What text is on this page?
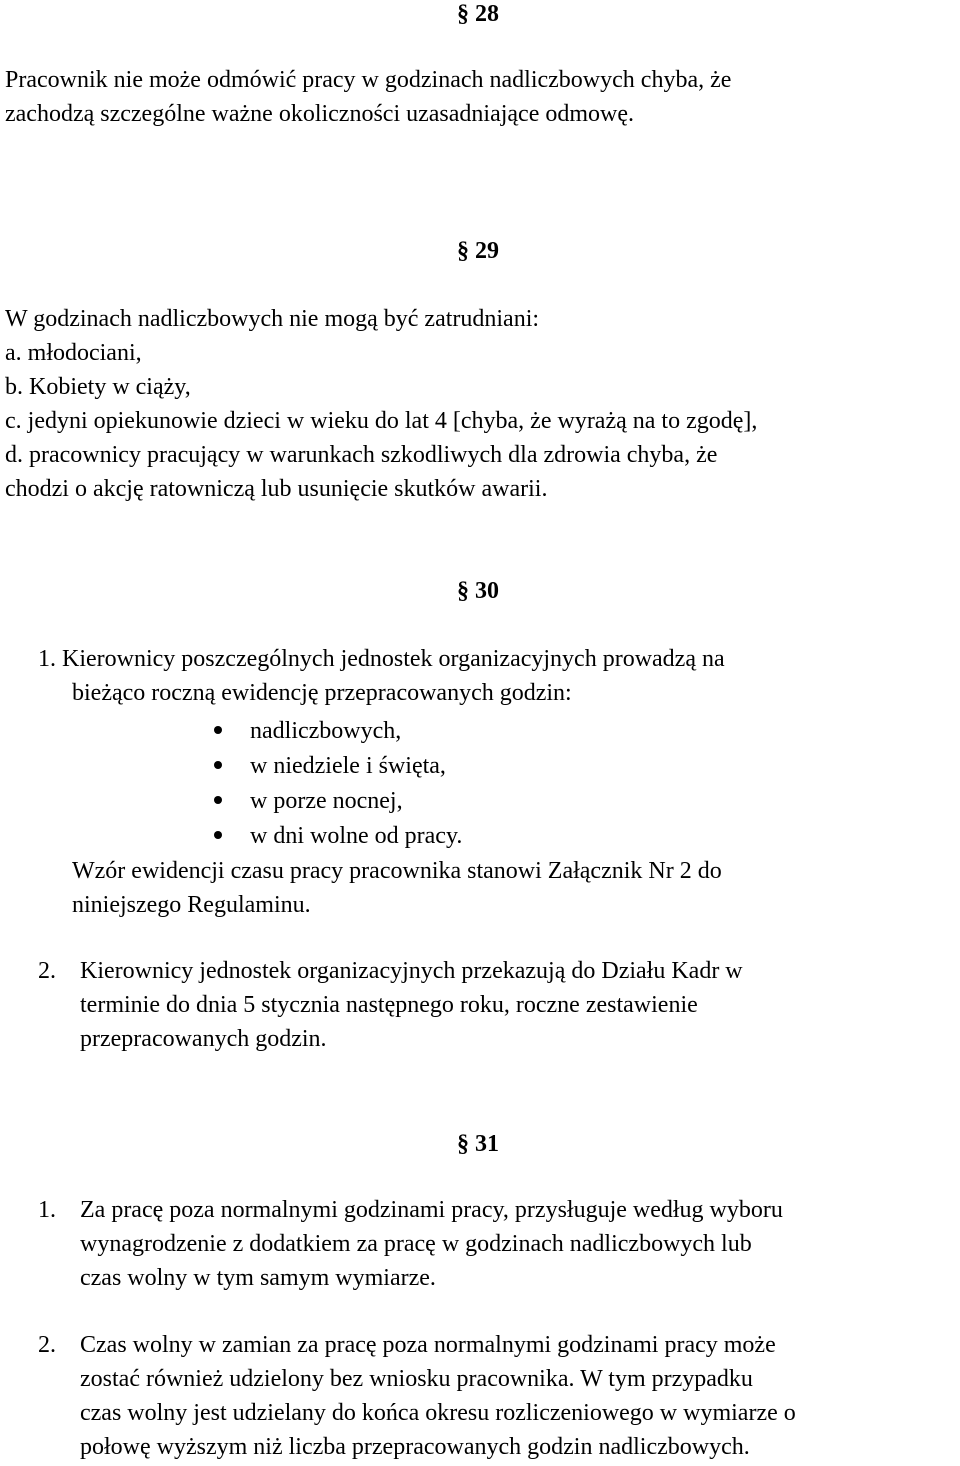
§ 28
Pracownik nie może odmówić pracy w godzinach nadliczbowych chyba, że
zachodzą szczególne ważne okoliczności uzasadniające odmowę.
§ 29
W godzinach nadliczbowych nie mogą być zatrudniani:
a. młodociani,
b. Kobiety w ciąży,
c. jedyni opiekunowie dzieci w wieku do lat 4 [chyba, że wyrażą na to zgodę],
d. pracownicy pracujący w warunkach szkodliwych dla zdrowia chyba, że
chodzi o akcję ratowniczą lub usunięcie skutków awarii.
§ 30
1. Kierownicy poszczególnych jednostek organizacyjnych prowadzą na
bieżąco roczną ewidencję przepracowanych godzin:
nadliczbowych,
w niedziele i święta,
w porze nocnej,
w dni wolne od pracy.
Wzór ewidencji czasu pracy pracownika stanowi Załącznik Nr 2 do
niniejszego Regulaminu.
2. Kierownicy jednostek organizacyjnych przekazują do Działu Kadr w
terminie do dnia 5 stycznia następnego roku, roczne zestawienie
przepracowanych godzin.
§ 31
1. Za pracę poza normalnymi godzinami pracy, przysługuje według wyboru
wynagrodzenie z dodatkiem za pracę w godzinach nadliczbowych lub
czas wolny w tym samym wymiarze.
2. Czas wolny w zamian za pracę poza normalnymi godzinami pracy może
zostać również udzielony bez wniosku pracownika. W tym przypadku
czas wolny jest udzielany do końca okresu rozliczeniowego w wymiarze o
połowę wyższym niż liczba przepracowanych godzin nadliczbowych.
